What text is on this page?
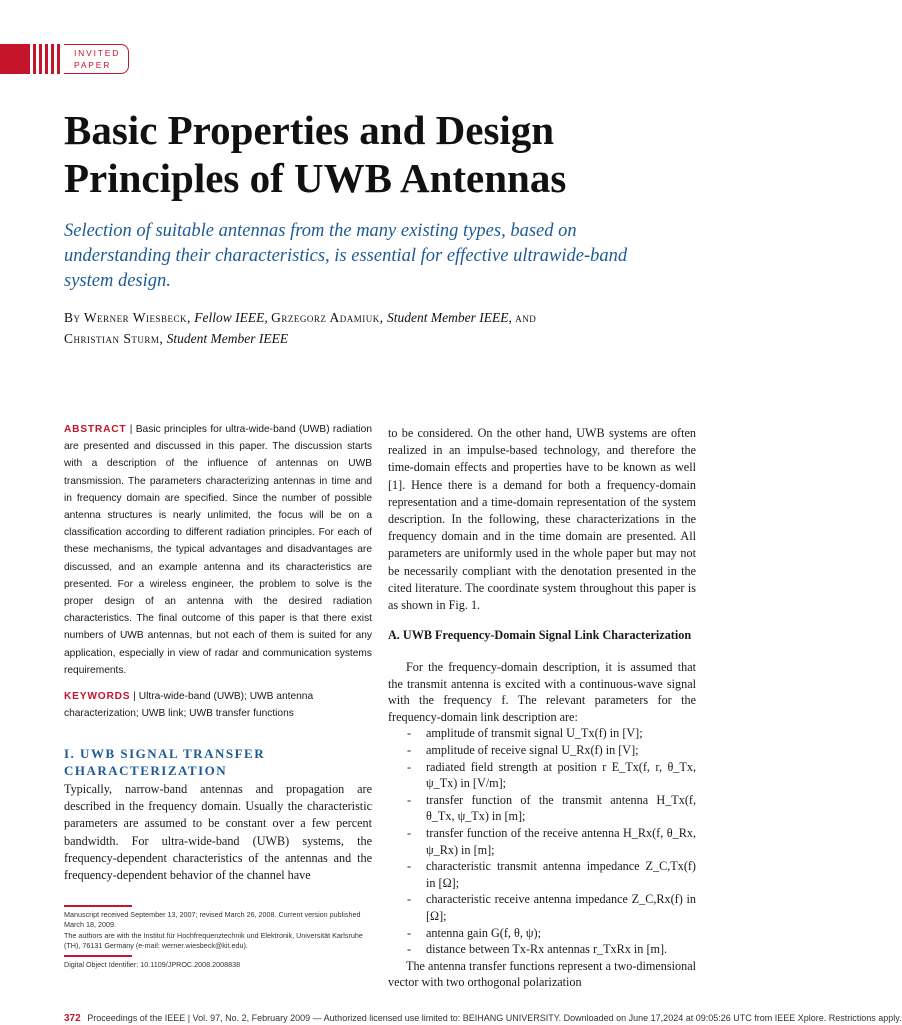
INVITED
PAPER
Basic Properties and Design Principles of UWB Antennas
Selection of suitable antennas from the many existing types, based on understanding their characteristics, is essential for effective ultrawide-band system design.
By Werner Wiesbeck, Fellow IEEE, Grzegorz Adamiuk, Student Member IEEE, and
Christian Sturm, Student Member IEEE
ABSTRACT | Basic principles for ultra-wide-band (UWB) radiation are presented and discussed in this paper. The discussion starts with a description of the influence of antennas on UWB transmission. The parameters characterizing antennas in time and in frequency domain are specified. Since the number of possible antenna structures is nearly unlimited, the focus will be on a classification according to different radiation principles. For each of these mechanisms, the typical advantages and disadvantages are discussed, and an example antenna and its characteristics are presented. For a wireless engineer, the problem to solve is the proper design of an antenna with the desired radiation characteristics. The final outcome of this paper is that there exist numbers of UWB antennas, but not each of them is suited for any application, especially in view of radar and communication systems requirements.
KEYWORDS | Ultra-wide-band (UWB); UWB antenna characterization; UWB link; UWB transfer functions
I. UWB SIGNAL TRANSFER CHARACTERIZATION
Typically, narrow-band antennas and propagation are described in the frequency domain. Usually the characteristic parameters are assumed to be constant over a few percent bandwidth. For ultra-wide-band (UWB) systems, the frequency-dependent characteristics of the antennas and the frequency-dependent behavior of the channel have
Manuscript received September 13, 2007; revised March 26, 2008. Current version published March 18, 2009.
The authors are with the Institut für Hochfrequenztechnik und Elektronik, Universität Karlsruhe (TH), 76131 Germany (e-mail: werner.wiesbeck@kit.edu).
Digital Object Identifier: 10.1109/JPROC.2008.2008838
to be considered. On the other hand, UWB systems are often realized in an impulse-based technology, and therefore the time-domain effects and properties have to be known as well [1]. Hence there is a demand for both a frequency-domain representation and a time-domain representation of the system description. In the following, these characterizations in the frequency domain and in the time domain are presented. All parameters are uniformly used in the whole paper but may not be necessarily compliant with the denotation presented in the cited literature. The coordinate system throughout this paper is as shown in Fig. 1.
A. UWB Frequency-Domain Signal Link Characterization
For the frequency-domain description, it is assumed that the transmit antenna is excited with a continuous-wave signal with the frequency f. The relevant parameters for the frequency-domain link description are:
- amplitude of transmit signal U_Tx(f) in [V];
- amplitude of receive signal U_Rx(f) in [V];
- radiated field strength at position r E_Tx(f, r, θ_Tx, ψ_Tx) in [V/m];
- transfer function of the transmit antenna H_Tx(f, θ_Tx, ψ_Tx) in [m];
- transfer function of the receive antenna H_Rx(f, θ_Rx, ψ_Rx) in [m];
- characteristic transmit antenna impedance Z_C,Tx(f) in [Ω];
- characteristic receive antenna impedance Z_C,Rx(f) in [Ω];
- antenna gain G(f, θ, ψ);
- distance between Tx-Rx antennas r_TxRx in [m].
The antenna transfer functions represent a two-dimensional vector with two orthogonal polarization
372 Proceedings of the IEEE | Vol. 97, No. 2, February 2009 — Authorized licensed use limited to: BEIHANG UNIVERSITY. Downloaded on June 17,2024 at 09:05:26 UTC from IEEE Xplore. Restrictions apply.
